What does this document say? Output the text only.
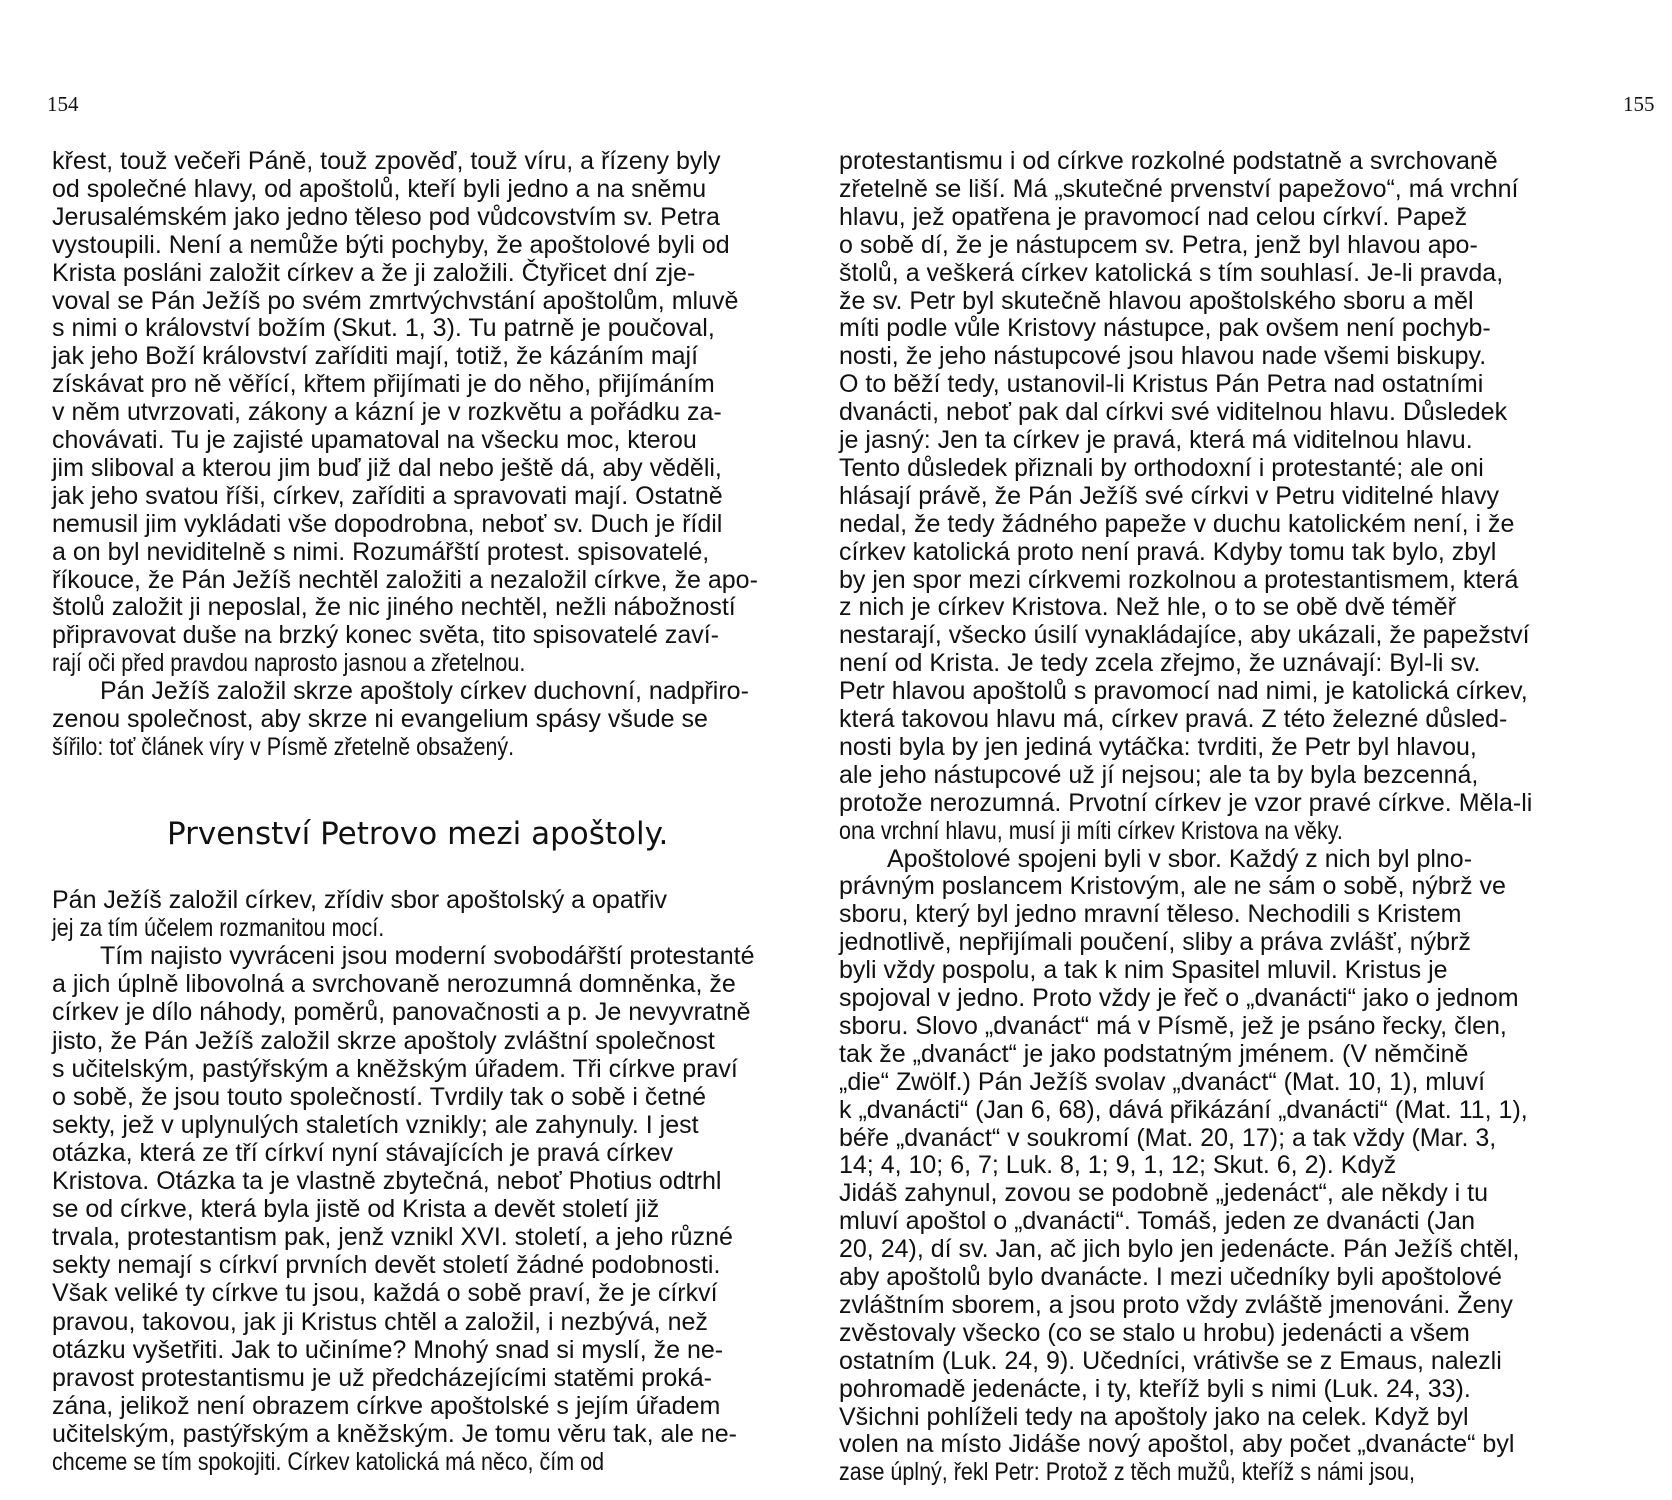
154
křest, touž večeři Páně, touž zpověď, touž víru, a řízeny byly
od společné hlavy, od apoštolů, kteří byli jedno a na sněmu
Jerusalémském jako jedno těleso pod vůdcovstvím sv. Petra
vystoupili. Není a nemůže býti pochyby, že apoštolové byli od
Krista posláni založit církev a že ji založili. Čtyřicet dní zje-
voval se Pán Ježíš po svém zmrtvýchvstání apoštolům, mluvě
s nimi o království božím (Skut. 1, 3). Tu patrně je poučoval,
jak jeho Boží království zaříditi mají, totiž, že kázáním mají
získávat pro ně věřící, křtem přijímati je do něho, přijímáním
v něm utvrzovati, zákony a kázní je v rozkvětu a pořádku za-
chovávati. Tu je zajisté upamatoval na všecku moc, kterou
jim sliboval a kterou jim buď již dal nebo ještě dá, aby věděli,
jak jeho svatou říši, církev, zaříditi a spravovati mají. Ostatně
nemusil jim vykládati vše dopodrobna, neboť sv. Duch je řídil
a on byl neviditelně s nimi. Rozumářští protest. spisovatelé,
říkouce, že Pán Ježíš nechtěl založiti a nezaložil církve, že apo-
štolů založit ji neposlal, že nic jiného nechtěl, nežli nábožností
připravovat duše na brzký konec světa, tito spisovatelé zaví-
rají oči před pravdou naprosto jasnou a zřetelnou.
Pán Ježíš založil skrze apoštoly církev duchovní, nadpřiro-
zenou společnost, aby skrze ni evangelium spásy všude se
šířilo: toť článek víry v Písmě zřetelně obsažený.
Pán Ježíš založil církev, zřídiv sbor apoštolský a opatřiv
jej za tím účelem rozmanitou mocí.
Tím najisto vyvráceni jsou moderní svobodářští protestanté
a jich úplně libovolná a svrchovaně nerozumná domněnka, že
církev je dílo náhody, poměrů, panovačnosti a p. Je nevyvratně
jisto, že Pán Ježíš založil skrze apoštoly zvláštní společnost
s učitelským, pastýřským a kněžským úřadem. Tři církve praví
o sobě, že jsou touto společností. Tvrdily tak o sobě i četné
sekty, jež v uplynulých staletích vznikly; ale zahynuly. I jest
otázka, která ze tří církví nyní stávajících je pravá církev
Kristova. Otázka ta je vlastně zbytečná, neboť Photius odtrhl
se od církve, která byla jistě od Krista a devět století již
trvala, protestantism pak, jenž vznikl XVI. století, a jeho různé
sekty nemají s církví prvních devět století žádné podobnosti.
Však veliké ty církve tu jsou, každá o sobě praví, že je církví
pravou, takovou, jak ji Kristus chtěl a založil, i nezbývá, než
otázku vyšetřiti. Jak to učiníme? Mnohý snad si myslí, že ne-
pravost protestantismu je už předcházejícími statěmi proká-
zána, jelikož není obrazem církve apoštolské s jejím úřadem
učitelským, pastýřským a kněžským. Je tomu věru tak, ale ne-
chceme se tím spokojiti. Církev katolická má něco, čím od
Prvenství Petrovo mezi apoštoly.
155
protestantismu i od církve rozkolné podstatně a svrchovaně
zřetelně se liší. Má „skutečné prvenství papežovo“, má vrchní
hlavu, jež opatřena je pravomocí nad celou církví. Papež
o sobě dí, že je nástupcem sv. Petra, jenž byl hlavou apo-
štolů, a veškerá církev katolická s tím souhlasí. Je-li pravda,
že sv. Petr byl skutečně hlavou apoštolského sboru a měl
míti podle vůle Kristovy nástupce, pak ovšem není pochyb-
nosti, že jeho nástupcové jsou hlavou nade všemi biskupy.
O to běží tedy, ustanovil-li Kristus Pán Petra nad ostatními
dvanácti, neboť pak dal církvi své viditelnou hlavu. Důsledek
je jasný: Jen ta církev je pravá, která má viditelnou hlavu.
Tento důsledek přiznali by orthodoxní i protestanté; ale oni
hlásají právě, že Pán Ježíš své církvi v Petru viditelné hlavy
nedal, že tedy žádného papeže v duchu katolickém není, i že
církev katolická proto není pravá. Kdyby tomu tak bylo, zbyl
by jen spor mezi církvemi rozkolnou a protestantismem, která
z nich je církev Kristova. Než hle, o to se obě dvě téměř
nestarají, všecko úsilí vynakládajíce, aby ukázali, že papežství
není od Krista. Je tedy zcela zřejmo, že uznávají: Byl-li sv.
Petr hlavou apoštolů s pravomocí nad nimi, je katolická církev,
která takovou hlavu má, církev pravá. Z této železné důsled-
nosti byla by jen jediná vytáčka: tvrditi, že Petr byl hlavou,
ale jeho nástupcové už jí nejsou; ale ta by byla bezcenná,
protože nerozumná. Prvotní církev je vzor pravé církve. Měla-li
ona vrchní hlavu, musí ji míti církev Kristova na věky.
Apoštolové spojeni byli v sbor. Každý z nich byl plno-
právným poslancem Kristovým, ale ne sám o sobě, nýbrž ve
sboru, který byl jedno mravní těleso. Nechodili s Kristem
jednotlivě, nepřijímali poučení, sliby a práva zvlášť, nýbrž
byli vždy pospolu, a tak k nim Spasitel mluvil. Kristus je
spojoval v jedno. Proto vždy je řeč o „dvanácti“ jako o jednom
sboru. Slovo „dvanáct“ má v Písmě, jež je psáno řecky, člen,
tak že „dvanáct“ je jako podstatným jménem. (V němčině
„die“ Zwölf.) Pán Ježíš svolav „dvanáct“ (Mat. 10, 1), mluví
k „dvanácti“ (Jan 6, 68), dává přikázání „dvanácti“ (Mat. 11, 1),
béře „dvanáct“ v soukromí (Mat. 20, 17); a tak vždy (Mar. 3,
14; 4, 10; 6, 7; Luk. 8, 1; 9, 1, 12; Skut. 6, 2). Když
Jidáš zahynul, zovou se podobně „jedenáct“, ale někdy i tu
mluví apoštol o „dvanácti“. Tomáš, jeden ze dvanácti (Jan
20, 24), dí sv. Jan, ač jich bylo jen jedenácte. Pán Ježíš chtěl,
aby apoštolů bylo dvanácte. I mezi učedníky byli apoštolové
zvláštním sborem, a jsou proto vždy zvláště jmenováni. Ženy
zvěstovaly všecko (co se stalo u hrobu) jedenácti a všem
ostatním (Luk. 24, 9). Učedníci, vrátivše se z Emaus, nalezli
pohromadě jedenácte, i ty, kteříž byli s nimi (Luk. 24, 33).
Všichni pohlíželi tedy na apoštoly jako na celek. Když byl
volen na místo Jidáše nový apoštol, aby počet „dvanácte“ byl
zase úplný, řekl Petr: Protož z těch mužů, kteříž s námi jsou,
